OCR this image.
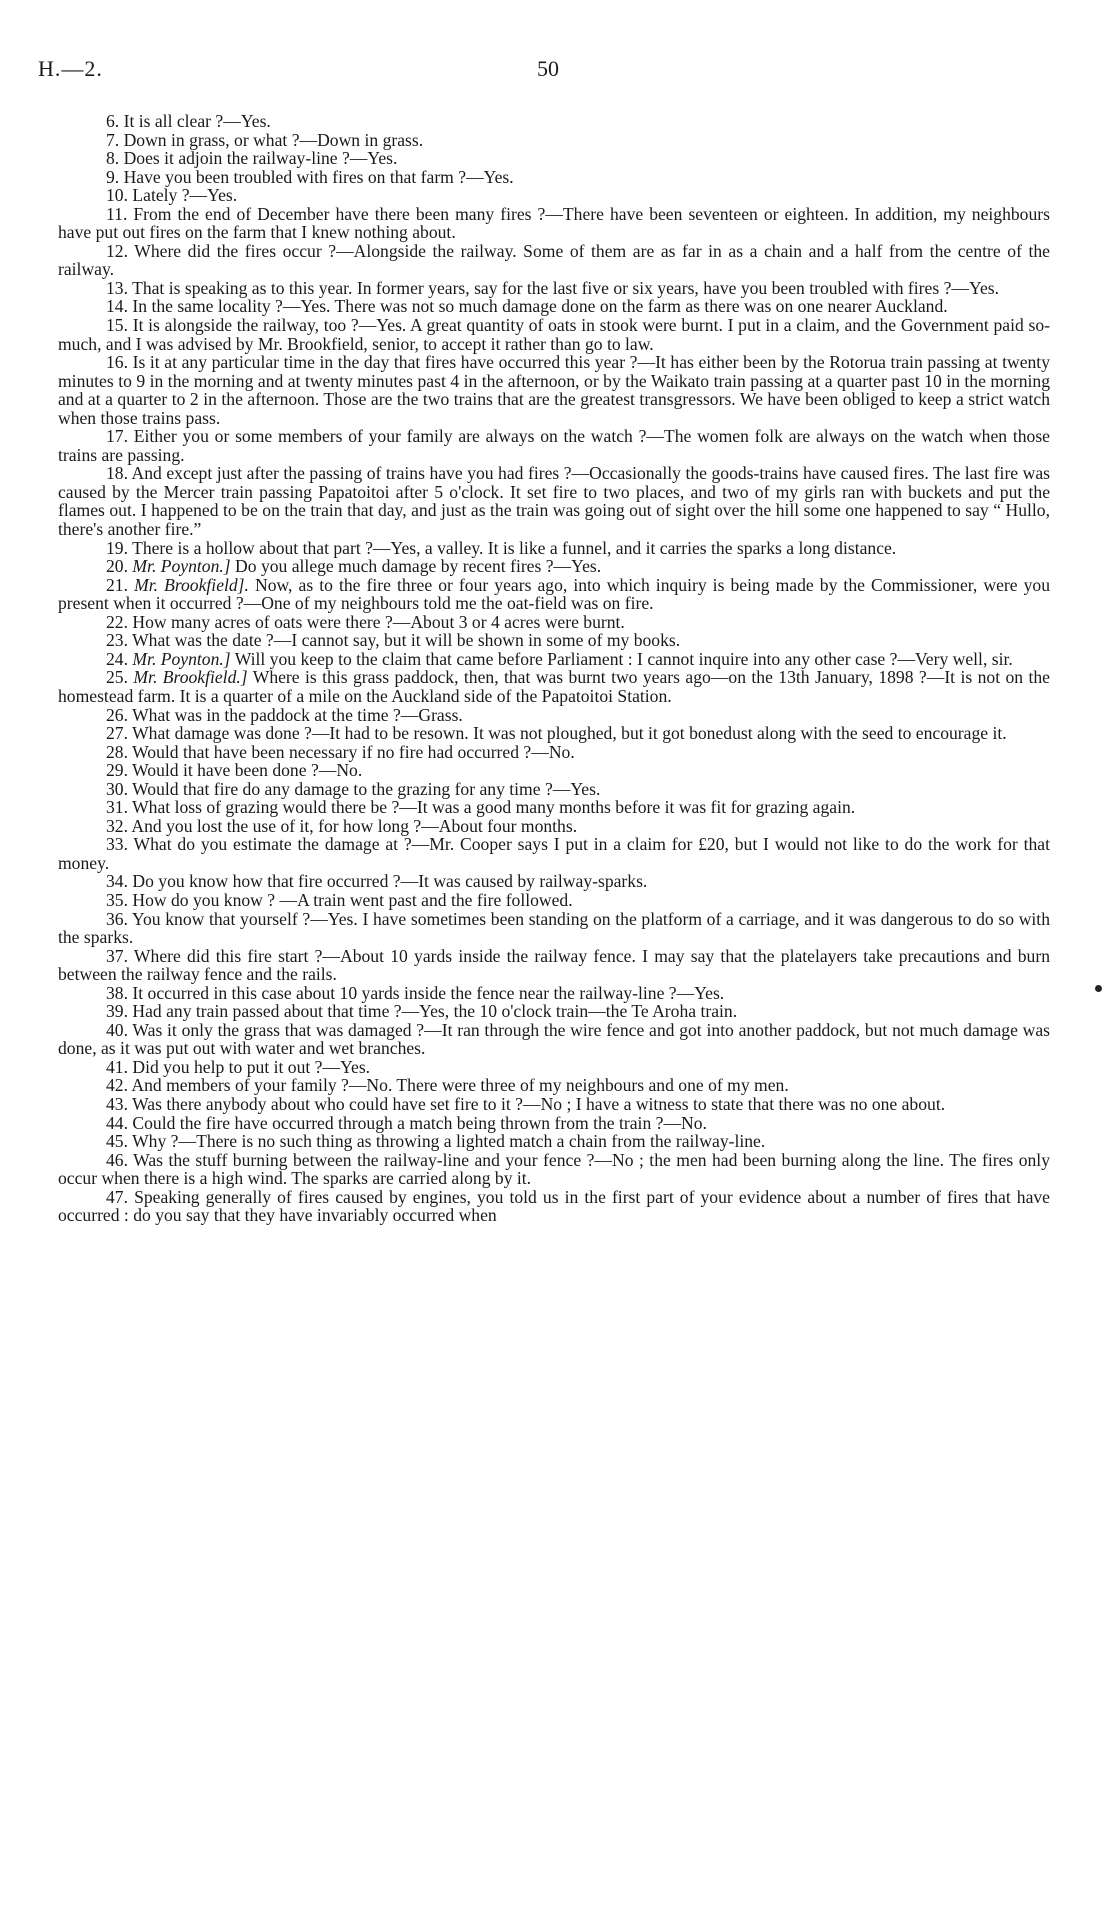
H.—2.	50

6. It is all clear ?—Yes.

7. Down in grass, or what ?—Down in grass.

8. Does it adjoin the railway-line ?—Yes.

9. Have you been troubled with fires on that farm ?—Yes.

10. Lately ?—Yes.

11. From the end of December have there been many fires ?—There have been seventeen or eighteen. In addition, my neighbours have put out fires on the farm that I knew nothing about.

12. Where did the fires occur ?—Alongside the railway. Some of them are as far in as a chain and a half from the centre of the railway.

13. That is speaking as to this year. In former years, say for the last five or six years, have you been troubled with fires ?—Yes.

14. In the same locality ?—Yes. There was not so much damage done on the farm as there was on one nearer Auckland.

15. It is alongside the railway, too ?—Yes. A great quantity of oats in stook were burnt. I put in a claim, and the Government paid so-much, and I was advised by Mr. Brookfield, senior, to accept it rather than go to law.

16. Is it at any particular time in the day that fires have occurred this year ?—It has either been by the Rotorua train passing at twenty minutes to 9 in the morning and at twenty minutes past 4 in the afternoon, or by the Waikato train passing at a quarter past 10 in the morning and at a quarter to 2 in the afternoon. Those are the two trains that are the greatest transgressors. We have been obliged to keep a strict watch when those trains pass.

17. Either you or some members of your family are always on the watch ?—The women folk are always on the watch when those trains are passing.

18. And except just after the passing of trains have you had fires ?—Occasionally the goods-trains have caused fires. The last fire was caused by the Mercer train passing Papatoitoi after 5 o'clock. It set fire to two places, and two of my girls ran with buckets and put the flames out. I happened to be on the train that day, and just as the train was going out of sight over the hill some one happened to say “ Hullo, there's another fire.”

19. There is a hollow about that part ?—Yes, a valley. It is like a funnel, and it carries the sparks a long distance.

20. Mr. Poynton.] Do you allege much damage by recent fires ?—Yes.

21. Mr. Brookfield]. Now, as to the fire three or four years ago, into which inquiry is being made by the Commissioner, were you present when it occurred ?—One of my neighbours told me the oat-field was on fire.

22. How many acres of oats were there ?—About 3 or 4 acres were burnt.

23. What was the date ?—I cannot say, but it will be shown in some of my books.

24. Mr. Poynton.] Will you keep to the claim that came before Parliament : I cannot inquire into any other case ?—Very well, sir.

25. Mr. Brookfield.] Where is this grass paddock, then, that was burnt two years ago—on the 13th January, 1898 ?—It is not on the homestead farm. It is a quarter of a mile on the Auckland side of the Papatoitoi Station.

26. What was in the paddock at the time ?—Grass.

27. What damage was done ?—It had to be resown. It was not ploughed, but it got bonedust along with the seed to encourage it.

28. Would that have been necessary if no fire had occurred ?—No.

29. Would it have been done ?—No.

30. Would that fire do any damage to the grazing for any time ?—Yes.

31. What loss of grazing would there be ?—It was a good many months before it was fit for grazing again.

32. And you lost the use of it, for how long ?—About four months.

33. What do you estimate the damage at ?—Mr. Cooper says I put in a claim for £20, but I would not like to do the work for that money.

34. Do you know how that fire occurred ?—It was caused by railway-sparks.

35. How do you know ? —A train went past and the fire followed.

36. You know that yourself ?—Yes. I have sometimes been standing on the platform of a carriage, and it was dangerous to do so with the sparks.

37. Where did this fire start ?—About 10 yards inside the railway fence. I may say that the platelayers take precautions and burn between the railway fence and the rails.

38. It occurred in this case about 10 yards inside the fence near the railway-line ?—Yes.

39. Had any train passed about that time ?—Yes, the 10 o'clock train—the Te Aroha train.

40. Was it only the grass that was damaged ?—It ran through the wire fence and got into another paddock, but not much damage was done, as it was put out with water and wet branches.

41. Did you help to put it out ?—Yes.

42. And members of your family ?—No. There were three of my neighbours and one of my men.

43. Was there anybody about who could have set fire to it ?—No ; I have a witness to state that there was no one about.

44. Could the fire have occurred through a match being thrown from the train ?—No.

45. Why ?—There is no such thing as throwing a lighted match a chain from the railway-line.

46. Was the stuff burning between the railway-line and your fence ?—No ; the men had been burning along the line. The fires only occur when there is a high wind. The sparks are carried along by it.

47. Speaking generally of fires caused by engines, you told us in the first part of your evidence about a number of fires that have occurred : do you say that they have invariably occurred when
